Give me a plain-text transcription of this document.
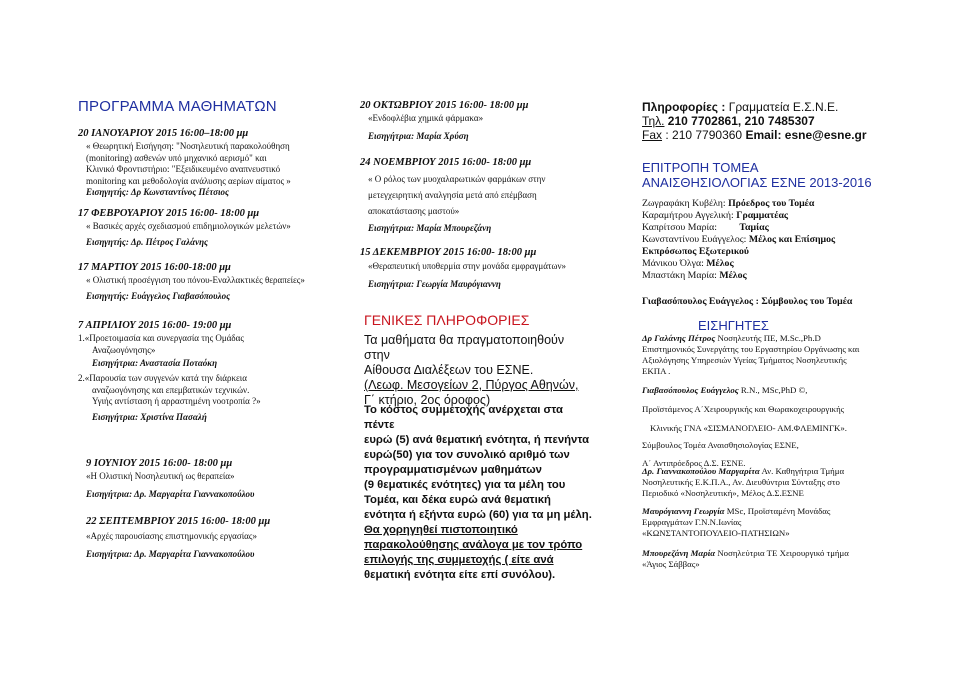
ΠΡΟΓΡΑΜΜΑ ΜΑΘΗΜΑΤΩΝ
20 ΙΑΝΟΥΑΡΙΟΥ 2015 16:00–18:00 μμ
« Θεωρητική Εισήγηση: "Νοσηλευτική παρακολούθηση
(monitoring) ασθενών υπό μηχανικό αερισμό" και
Κλινικό Φροντιστήριο: "Εξειδικευμένο αναπνευστικό
monitoring και μεθοδολογία ανάλυσης αερίων αίματος »
Εισηγητής: Δρ Κωνσταντίνος Πέτσιος
17 ΦΕΒΡΟΥΑΡΙΟΥ 2015 16:00- 18:00 μμ
« Βασικές αρχές σχεδιασμού επιδημιολογικών μελετών»
Εισηγητής: Δρ. Πέτρος Γαλάνης
17 ΜΑΡΤΙΟΥ 2015 16:00-18:00 μμ
« Ολιστική προσέγγιση του πόνου-Εναλλακτικές θεραπείες»
Εισηγητής: Ευάγγελος Γιαβασόπουλος
7 ΑΠΡΙΛΙΟΥ 2015 16:00- 19:00 μμ
1.«Προετοιμασία και συνεργασία της Ομάδας
Αναζωογόνησης»
Εισηγήτρια: Αναστασία Ποταόκη
2.«Παρουσία των συγγενών κατά την διάρκεια
αναζωογόνησης και επεμβατικών τεχνικών.
Υγιής αντίσταση ή αρραστημένη νοοτροπία ?»
Εισηγήτρια: Χριστίνα Πασαλή
9 ΙΟΥΝΙΟΥ 2015 16:00- 18:00 μμ
«Η Ολιστική Νοσηλευτική ως θεραπεία»
Εισηγήτρια: Δρ. Μαργαρίτα Γιαννακοπούλου
22 ΣΕΠΤΕΜΒΡΙΟΥ 2015 16:00- 18:00 μμ
«Αρχές παρουσίασης επιστημονικής εργασίας»
Εισηγήτρια: Δρ. Μαργαρίτα Γιαννακοπούλου
20 ΟΚΤΩΒΡΙΟΥ 2015 16:00- 18:00 μμ
«Ενδοφλέβια χημικά φάρμακα»
Εισηγήτρια: Μαρία Χρύση
24 ΝΟΕΜΒΡΙΟΥ 2015 16:00- 18:00 μμ
« Ο ρόλος των μυοχαλαρωτικών φαρμάκων στην
μετεγχειρητική αναλγησία μετά από επέμβαση
αποκατάστασης μαστού»
Εισηγήτρια: Μαρία Μπουρεζάνη
15 ΔΕΚΕΜΒΡΙΟΥ 2015 16:00- 18:00 μμ
«Θεραπευτική υποθερμία στην μονάδα εμφραγμάτων»
Εισηγήτρια: Γεωργία Μαυρόγιαννη
ΓΕΝΙΚΕΣ ΠΛΗΡΟΦΟΡΙΕΣ
Τα μαθήματα θα πραγματοποιηθούν στην
Αίθουσα Διαλέξεων του ΕΣΝΕ.
(Λεωφ. Μεσογείων 2, Πύργος Αθηνών,
Γ΄ κτήριο, 2ος όροφος)
Το κόστος συμμετοχής ανέρχεται στα πέντε
ευρώ (5) ανά θεματική ενότητα, ή πενήντα
ευρώ(50) για τον συνολικό αριθμό των
προγραμματισμένων μαθημάτων
(9 θεματικές ενότητες) για τα μέλη του
Τομέα, και δέκα ευρώ ανά θεματική
ενότητα ή εξήντα ευρώ (60) για τα μη μέλη.
Θα χορηγηθεί πιστοποιητικό
παρακολούθησης ανάλογα με τον τρόπο
επιλογής της συμμετοχής ( είτε ανά
θεματική ενότητα είτε επί συνόλου).
Πληροφορίες : Γραμματεία Ε.Σ.Ν.Ε.
Τηλ. 210 7702861, 210 7485307
Fax : 210 7790360 Email: esne@esne.gr
ΕΠΙΤΡΟΠΗ ΤΟΜΕΑ
ΑΝΑΙΣΘΗΣΙΟΛΟΓΙΑΣ ΕΣΝΕ 2013-2016
Ζωγραφάκη Κυβέλη: Πρόεδρος του Τομέα
Καραμήτρου Αγγελική: Γραμματέας
Καπρίτσου Μαρία: Ταμίας
Κωνσταντίνου Ευάγγελος: Μέλος και Επίσημος
Εκπρόσωπος Εξωτερικού
Μάνικου Όλγα: Μέλος
Μπαστάκη Μαρία: Μέλος
Γιαβασόπουλος Ευάγγελος : Σύμβουλος του Τομέα
ΕΙΣΗΓΗΤΕΣ
Δρ Γαλάνης Πέτρος Νοσηλευτής ΠΕ, M.Sc.,Ph.D
Επιστημονικός Συνεργάτης του Εργαστηρίου Οργάνωσης και
Αξιολόγησης Υπηρεσιών Υγείας Τμήματος Νοσηλευτικής
ΕΚΠΑ .
Γιαβασόπουλος Ευάγγελος R.N., MSc,PhD ©,
Προϊστάμενος Α΄Χειρουργικής και Θωρακοχειρουργικής
Κλινικής ΓΝΑ «ΣΙΣΜΑΝΟΓΛΕΙΟ- ΑΜ.ΦΛΕΜΙΝΓΚ».
Σύμβουλος Τομέα Αναισθησιολογίας ΕΣΝΕ,
Α΄ Αντιπρόεδρος Δ.Σ. ΕΣΝΕ.
Δρ. Γιαννακοπούλου Μαργαρίτα Αν. Καθηγήτρια Τμήμα
Νοσηλευτικής Ε.Κ.Π.Α., Αν. Διευθύντρια Σύνταξης στο
Περιοδικό «Νοσηλευτική», Μέλος Δ.Σ.ΕΣΝΕ
Μαυρόγιαννη Γεωργία MSc, Προϊσταμένη Μονάδας
Εμφραγμάτων Γ.Ν.Ν.Ιωνίας
«ΚΩΝΣΤΑΝΤΟΠΟΥΛΕΙΟ-ΠΑΤΗΣΙΩΝ»
Μπουρεζάνη Μαρία Νοσηλεύτρια ΤΕ Χειρουργικό τμήμα
«Άγιος Σάββας»
